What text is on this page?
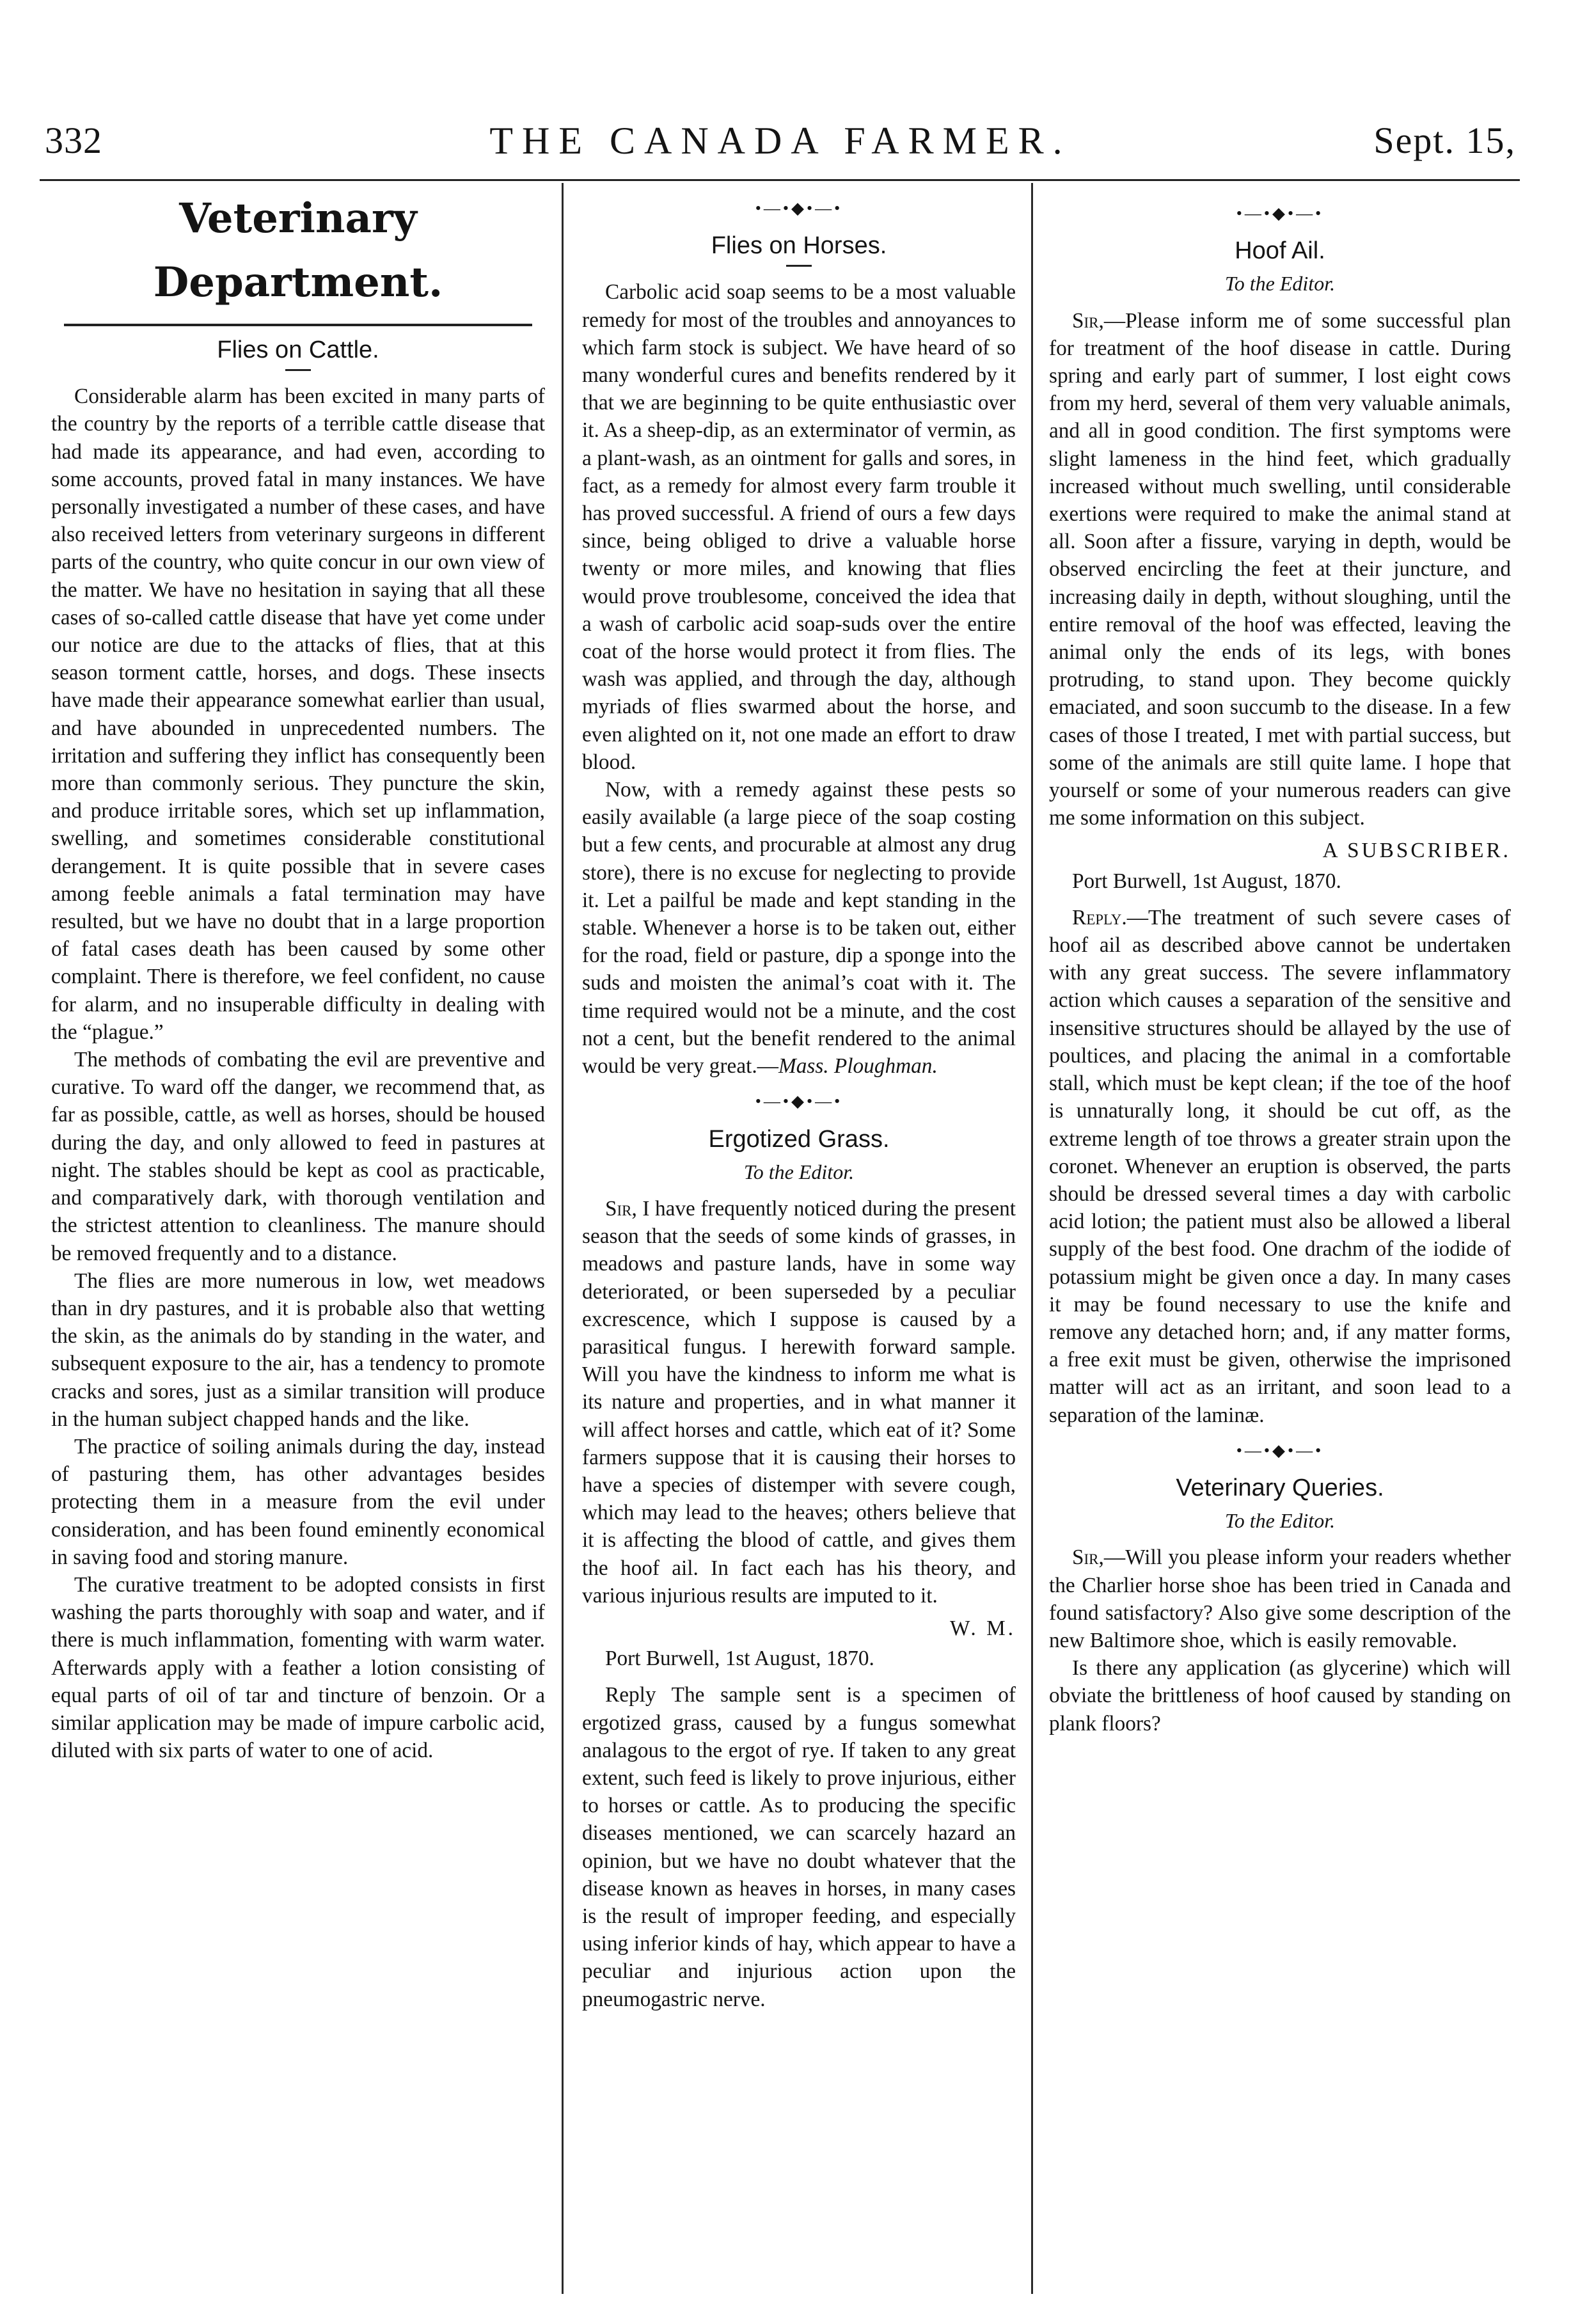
332	THE CANADA FARMER.	Sept. 15,
Veterinary Department.
Flies on Cattle.

Considerable alarm has been excited in many parts of the country by the reports of a terrible cattle disease that had made its appearance, and had even, according to some accounts, proved fatal in many instances. We have personally investigated a number of these cases, and have also received letters from veterinary surgeons in different parts of the country, who quite concur in our own view of the matter. We have no hesitation in saying that all these cases of so-called cattle disease that have yet come under our notice are due to the attacks of flies, that at this season torment cattle, horses, and dogs. These insects have made their appearance somewhat earlier than usual, and have abounded in unprecedented numbers. The irritation and suffering they inflict has consequently been more than commonly serious. They puncture the skin, and produce irritable sores, which set up inflammation, swelling, and sometimes considerable constitutional derangement. It is quite possible that in severe cases among feeble animals a fatal termination may have resulted, but we have no doubt that in a large proportion of fatal cases death has been caused by some other complaint. There is therefore, we feel confident, no cause for alarm, and no insuperable difficulty in dealing with the “plague.”

The methods of combating the evil are preventive and curative. To ward off the danger, we recommend that, as far as possible, cattle, as well as horses, should be housed during the day, and only allowed to feed in pastures at night. The stables should be kept as cool as practicable, and comparatively dark, with thorough ventilation and the strictest attention to cleanliness. The manure should be removed frequently and to a distance.

The flies are more numerous in low, wet meadows than in dry pastures, and it is probable also that wetting the skin, as the animals do by standing in the water, and subsequent exposure to the air, has a tendency to promote cracks and sores, just as a similar transition will produce in the human subject chapped hands and the like.

The practice of soiling animals during the day, instead of pasturing them, has other advantages besides protecting them in a measure from the evil under consideration, and has been found eminently economical in saving food and storing manure.

The curative treatment to be adopted consists in first washing the parts thoroughly with soap and water, and if there is much inflammation, fomenting with warm water. Afterwards apply with a feather a lotion consisting of equal parts of oil of tar and tincture of benzoin. Or a similar application may be made of impure carbolic acid, diluted with six parts of water to one of acid.

•—•◆•—•
Flies on Horses.

Carbolic acid soap seems to be a most valuable remedy for most of the troubles and annoyances to which farm stock is subject. We have heard of so many wonderful cures and benefits rendered by it that we are beginning to be quite enthusiastic over it. As a sheep-dip, as an exterminator of vermin, as a plant-wash, as an ointment for galls and sores, in fact, as a remedy for almost every farm trouble it has proved successful. A friend of ours a few days since, being obliged to drive a valuable horse twenty or more miles, and knowing that flies would prove troublesome, conceived the idea that a wash of carbolic acid soap-suds over the entire coat of the horse would protect it from flies. The wash was applied, and through the day, although myriads of flies swarmed about the horse, and even alighted on it, not one made an effort to draw blood.

Now, with a remedy against these pests so easily available (a large piece of the soap costing but a few cents, and procurable at almost any drug store), there is no excuse for neglecting to provide it. Let a pailful be made and kept standing in the stable. Whenever a horse is to be taken out, either for the road, field or pasture, dip a sponge into the suds and moisten the animal’s coat with it. The time required would not be a minute, and the cost not a cent, but the benefit rendered to the animal would be very great.—Mass. Ploughman.

•—•◆•—•
Ergotized Grass.
To the Editor.

Sir, I have frequently noticed during the present season that the seeds of some kinds of grasses, in meadows and pasture lands, have in some way deteriorated, or been superseded by a peculiar excrescence, which I suppose is caused by a parasitical fungus. I herewith forward sample. Will you have the kindness to inform me what is its nature and properties, and in what manner it will affect horses and cattle, which eat of it? Some farmers suppose that it is causing their horses to have a species of distemper with severe cough, which may lead to the heaves; others believe that it is affecting the blood of cattle, and gives them the hoof ail. In fact each has his theory, and various injurious results are imputed to it.

W. M.
Port Burwell, 1st August, 1870.

Reply The sample sent is a specimen of ergotized grass, caused by a fungus somewhat analagous to the ergot of rye. If taken to any great extent, such feed is likely to prove injurious, either to horses or cattle. As to producing the specific diseases mentioned, we can scarcely hazard an opinion, but we have no doubt whatever that the disease known as heaves in horses, in many cases is the result of improper feeding, and especially using inferior kinds of hay, which appear to have a peculiar and injurious action upon the pneumogastric nerve.

•—•◆•—•
Hoof Ail.
To the Editor.

Sir,—Please inform me of some successful plan for treatment of the hoof disease in cattle. During spring and early part of summer, I lost eight cows from my herd, several of them very valuable animals, and all in good condition. The first symptoms were slight lameness in the hind feet, which gradually increased without much swelling, until considerable exertions were required to make the animal stand at all. Soon after a fissure, varying in depth, would be observed encircling the feet at their juncture, and increasing daily in depth, without sloughing, until the entire removal of the hoof was effected, leaving the animal only the ends of its legs, with bones protruding, to stand upon. They become quickly emaciated, and soon succumb to the disease. In a few cases of those I treated, I met with partial success, but some of the animals are still quite lame. I hope that yourself or some of your numerous readers can give me some information on this subject.

A SUBSCRIBER.
Port Burwell, 1st August, 1870.

Reply.—The treatment of such severe cases of hoof ail as described above cannot be undertaken with any great success. The severe inflammatory action which causes a separation of the sensitive and insensitive structures should be allayed by the use of poultices, and placing the animal in a comfortable stall, which must be kept clean; if the toe of the hoof is unnaturally long, it should be cut off, as the extreme length of toe throws a greater strain upon the coronet. Whenever an eruption is observed, the parts should be dressed several times a day with carbolic acid lotion; the patient must also be allowed a liberal supply of the best food. One drachm of the iodide of potassium might be given once a day. In many cases it may be found necessary to use the knife and remove any detached horn; and, if any matter forms, a free exit must be given, otherwise the imprisoned matter will act as an irritant, and soon lead to a separation of the laminæ.

•—•◆•—•
Veterinary Queries.
To the Editor.

Sir,—Will you please inform your readers whether the Charlier horse shoe has been tried in Canada and found satisfactory? Also give some description of the new Baltimore shoe, which is easily removable.

Is there any application (as glycerine) which will obviate the brittleness of hoof caused by standing on plank floors?
